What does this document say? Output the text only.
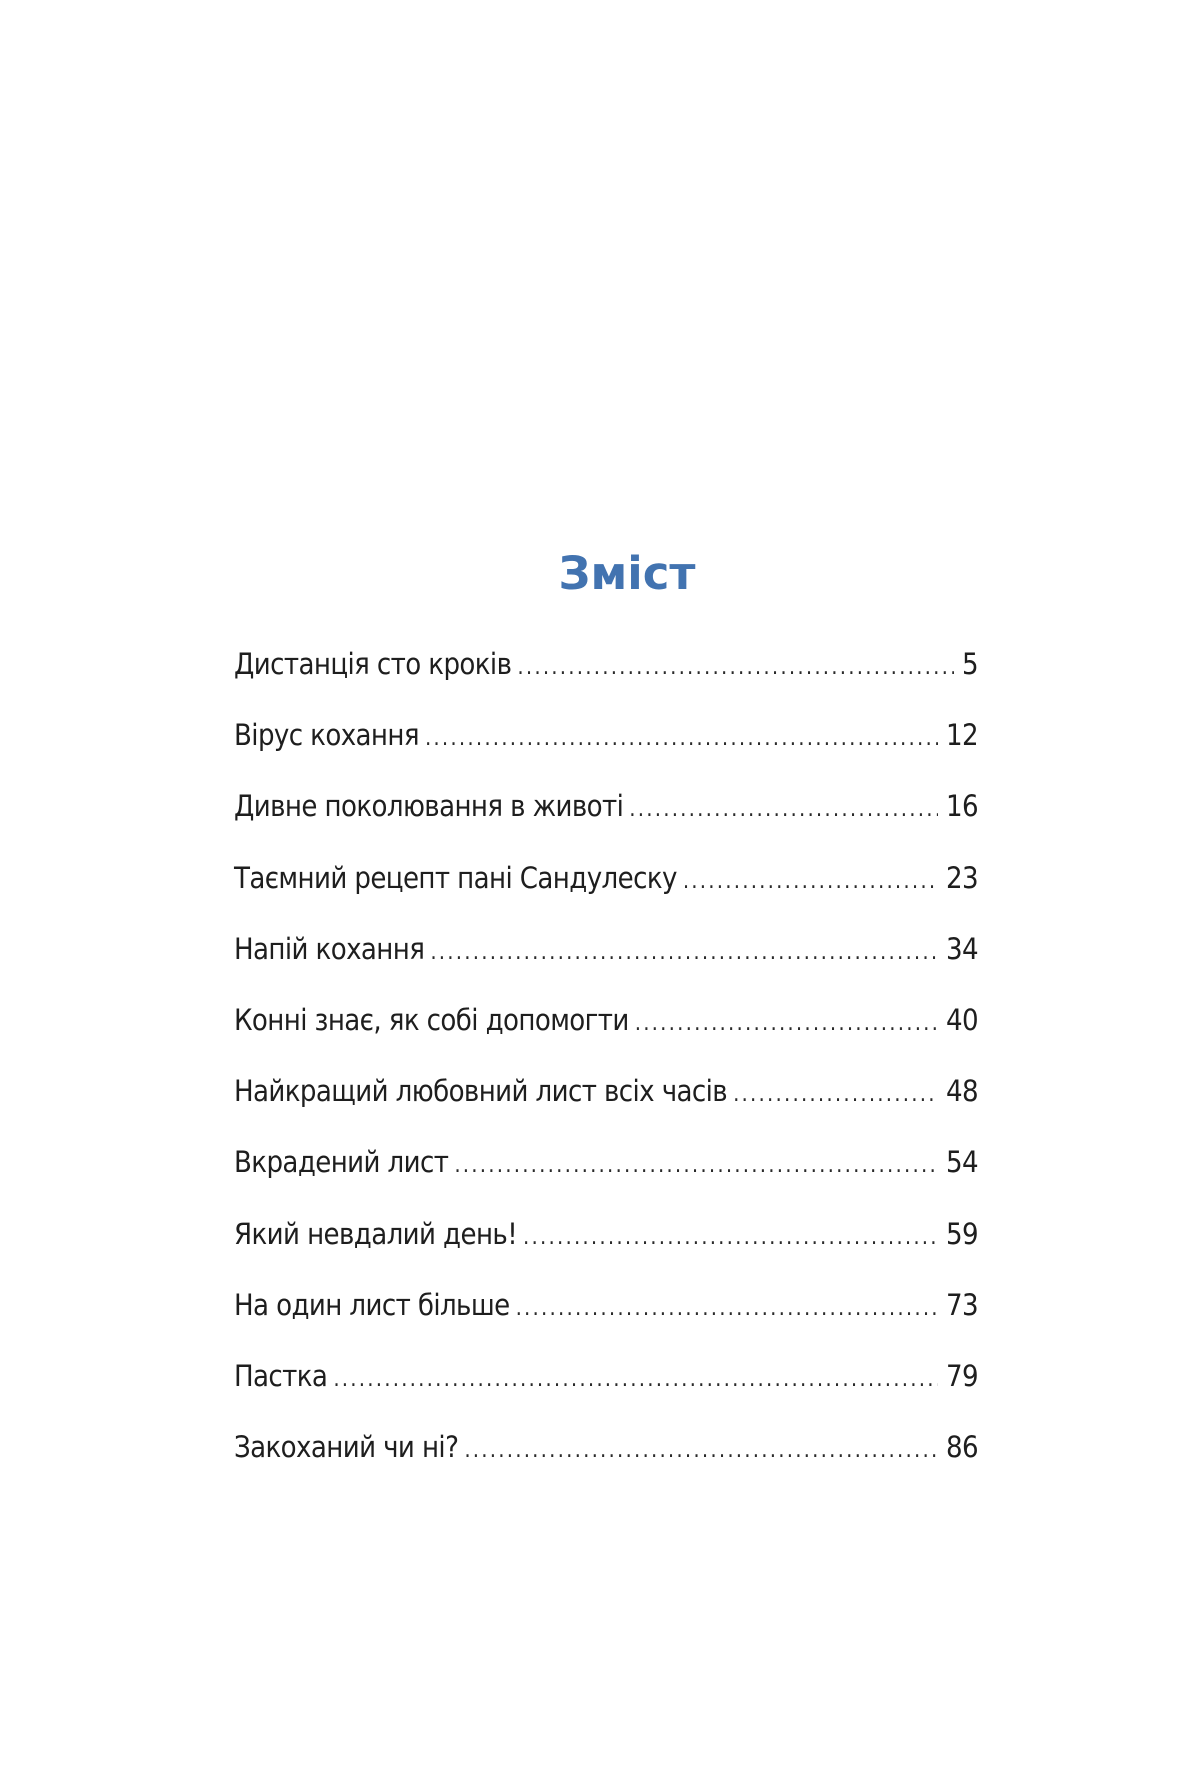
Зміст
Дистанція сто кроків .....	5
Вірус кохання .....	12
Дивне поколювання в животі .....	16
Таємний рецепт пані Сандулеску .....	23
Напій кохання .....	34
Конні знає, як собі допомогти .....	40
Найкращий любовний лист всіх часів .....	48
Вкрадений лист .....	54
Який невдалий день! .....	59
На один лист більше .....	73
Пастка .....	79
Закоханий чи ні? .....	86
